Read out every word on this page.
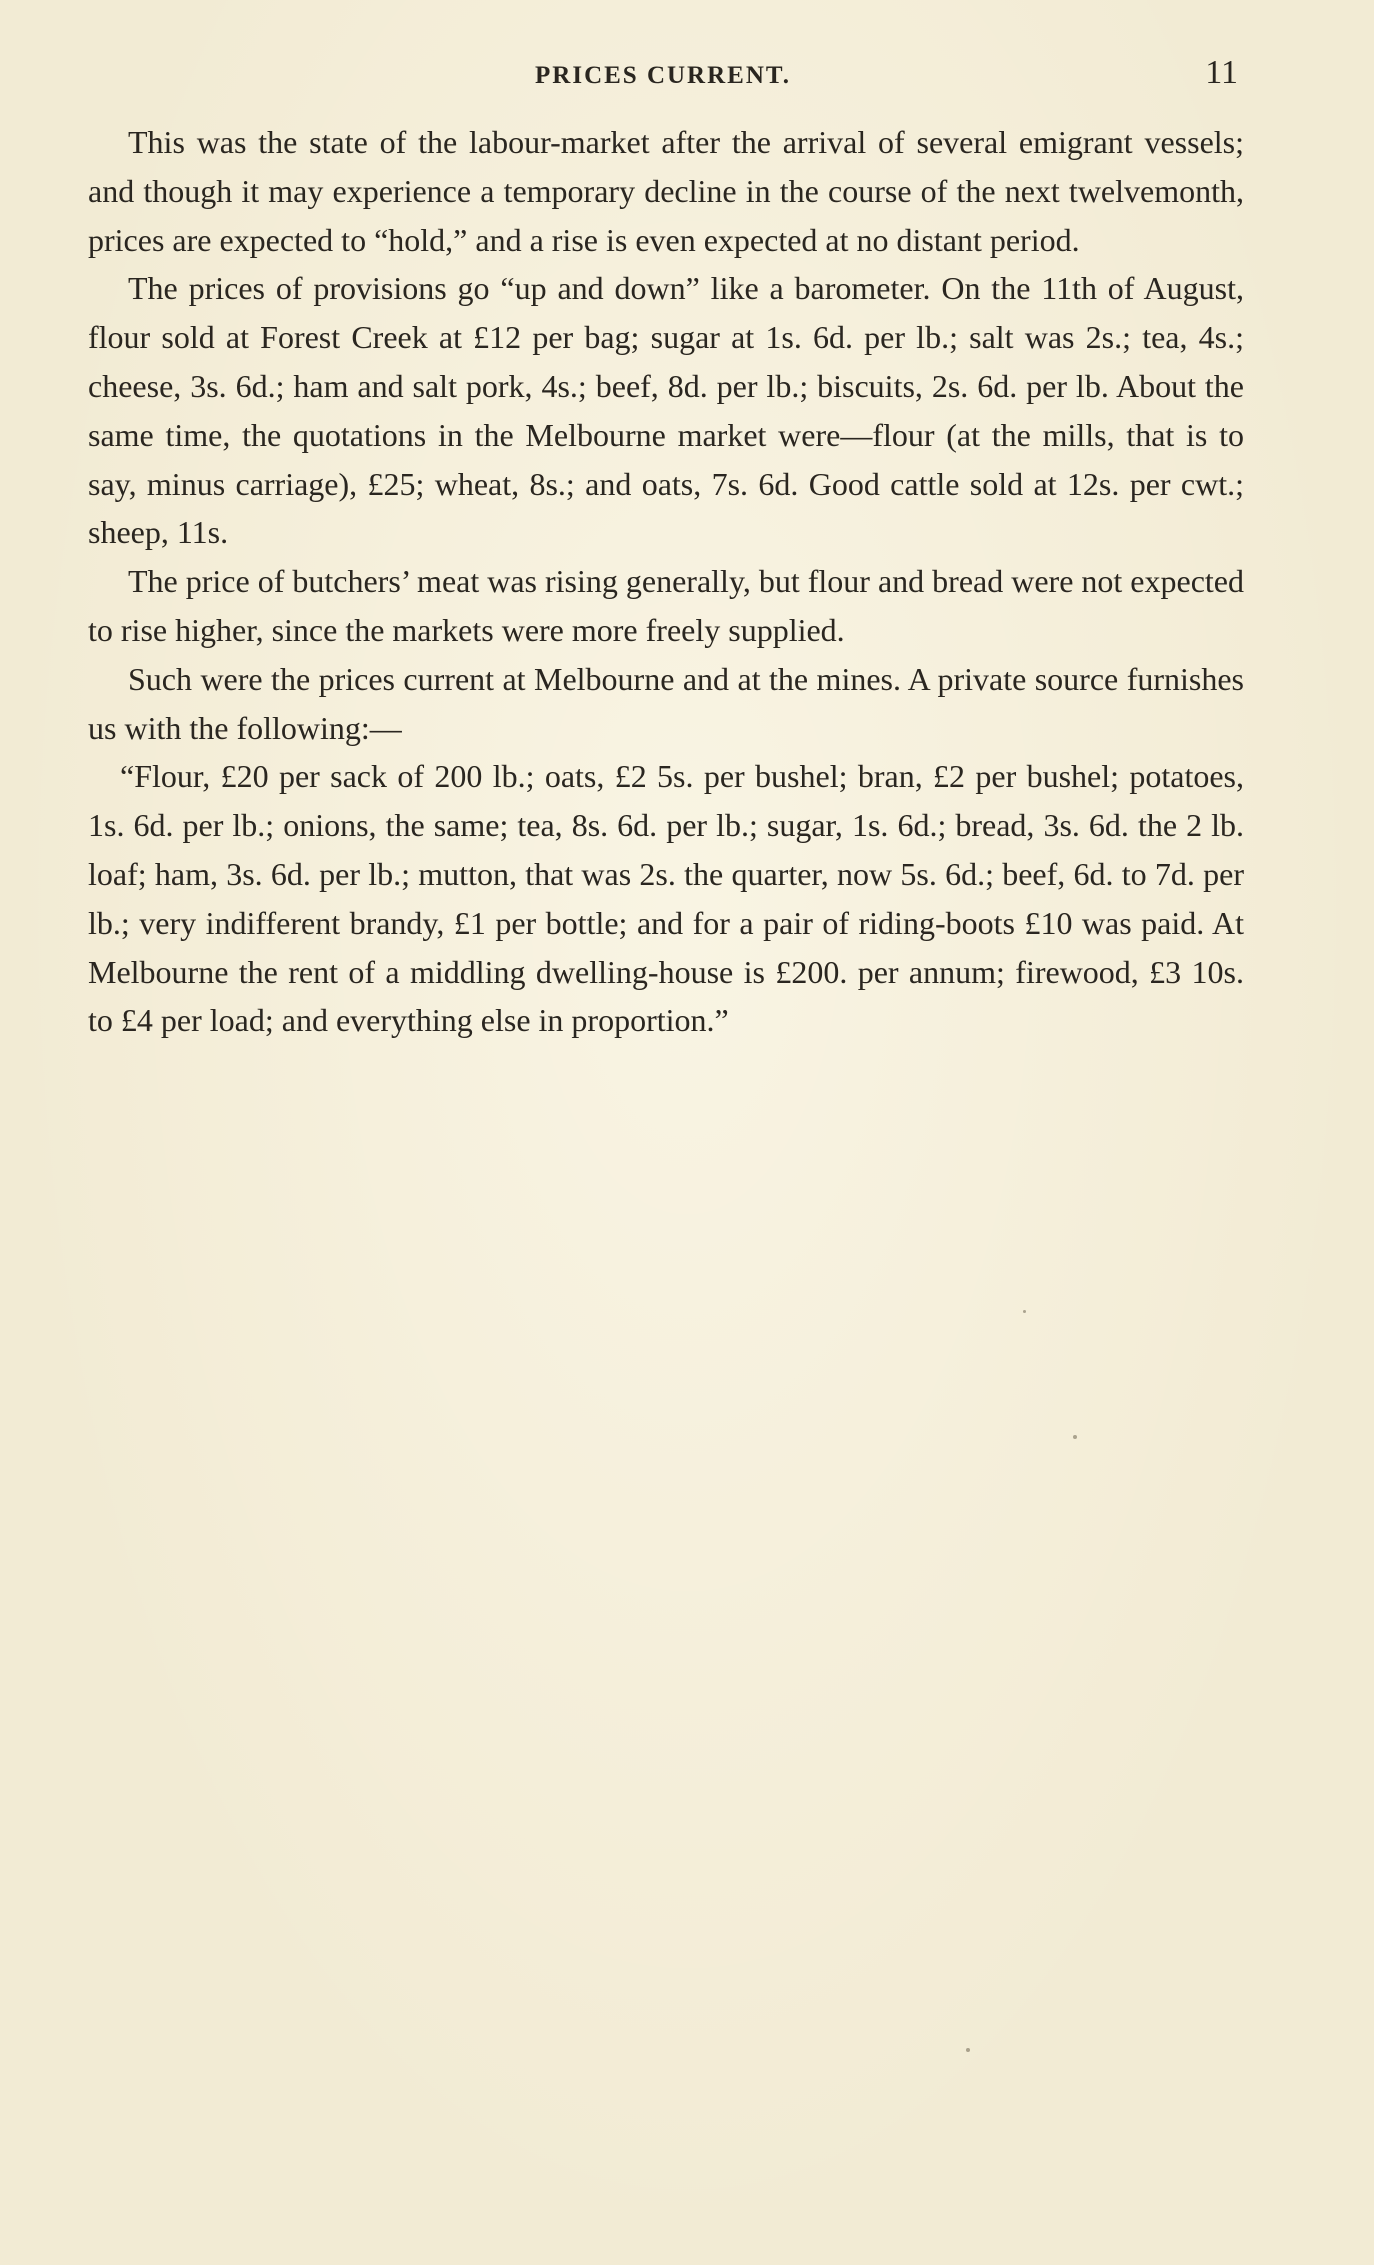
PRICES CURRENT.	11

This was the state of the labour-market after the arrival of several emigrant vessels; and though it may experience a temporary decline in the course of the next twelvemonth, prices are expected to “hold,” and a rise is even expected at no distant period.

The prices of provisions go “up and down” like a barometer. On the 11th of August, flour sold at Forest Creek at £12 per bag; sugar at 1s. 6d. per lb.; salt was 2s.; tea, 4s.; cheese, 3s. 6d.; ham and salt pork, 4s.; beef, 8d. per lb.; biscuits, 2s. 6d. per lb. About the same time, the quotations in the Melbourne market were—flour (at the mills, that is to say, minus carriage), £25; wheat, 8s.; and oats, 7s. 6d. Good cattle sold at 12s. per cwt.; sheep, 11s.

The price of butchers’ meat was rising generally, but flour and bread were not expected to rise higher, since the markets were more freely supplied.

Such were the prices current at Melbourne and at the mines. A private source furnishes us with the following:—

“Flour, £20 per sack of 200 lb.; oats, £2 5s. per bushel; bran, £2 per bushel; potatoes, 1s. 6d. per lb.; onions, the same; tea, 8s. 6d. per lb.; sugar, 1s. 6d.; bread, 3s. 6d. the 2 lb. loaf; ham, 3s. 6d. per lb.; mutton, that was 2s. the quarter, now 5s. 6d.; beef, 6d. to 7d. per lb.; very indifferent brandy, £1 per bottle; and for a pair of riding-boots £10 was paid. At Melbourne the rent of a middling dwelling-house is £200. per annum; firewood, £3 10s. to £4 per load; and everything else in proportion.”
